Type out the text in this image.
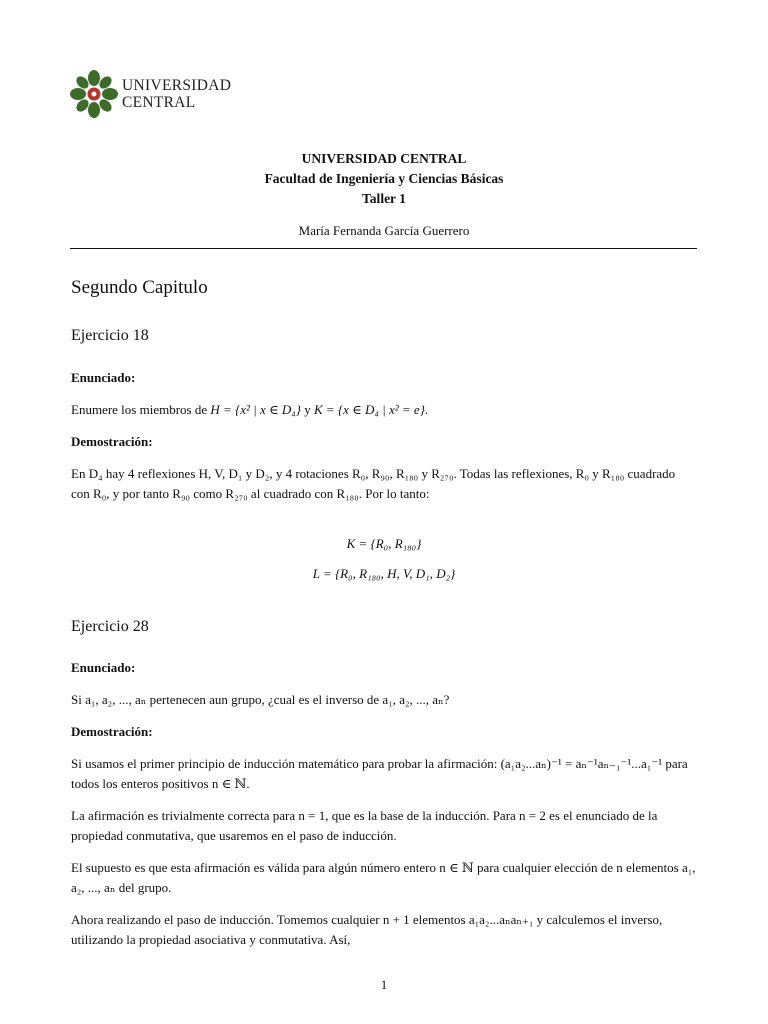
UNIVERSIDAD
CENTRAL
UNIVERSIDAD CENTRAL
Facultad de Ingeniería y Ciencias Básicas
Taller 1
María Fernanda García Guerrero
Segundo Capitulo
Ejercicio 18
Enunciado:
Enumere los miembros de H = {x² | x ∈ D₄} y K = {x ∈ D₄ | x² = e}.
Demostración:
En D₄ hay 4 reflexiones H, V, D₁ y D₂, y 4 rotaciones R₀, R₉₀, R₁₈₀ y R₂₇₀. Todas las reflexiones, R₀ y R₁₈₀ cuadrado con R₀, y por tanto R₉₀ como R₂₇₀ al cuadrado con R₁₈₀. Por lo tanto:
K = {R₀, R₁₈₀}
L = {R₀, R₁₈₀, H, V, D₁, D₂}
Ejercicio 28
Enunciado:
Si a₁, a₂, ..., aₙ pertenecen aun grupo, ¿cual es el inverso de a₁, a₂, ..., aₙ?
Demostración:
Si usamos el primer principio de inducción matemático para probar la afirmación: (a₁a₂...aₙ)⁻¹ = aₙ⁻¹aₙ₋₁⁻¹...a₁⁻¹ para todos los enteros positivos n ∈ ℕ.
La afirmación es trivialmente correcta para n = 1, que es la base de la inducción. Para n = 2 es el enunciado de la propiedad conmutativa, que usaremos en el paso de inducción.
El supuesto es que esta afirmación es válida para algún número entero n ∈ ℕ para cualquier elección de n elementos a₁, a₂, ..., aₙ del grupo.
Ahora realizando el paso de inducción. Tomemos cualquier n + 1 elementos a₁a₂...aₙaₙ₊₁ y calculemos el inverso, utilizando la propiedad asociativa y conmutativa. Así,
1
